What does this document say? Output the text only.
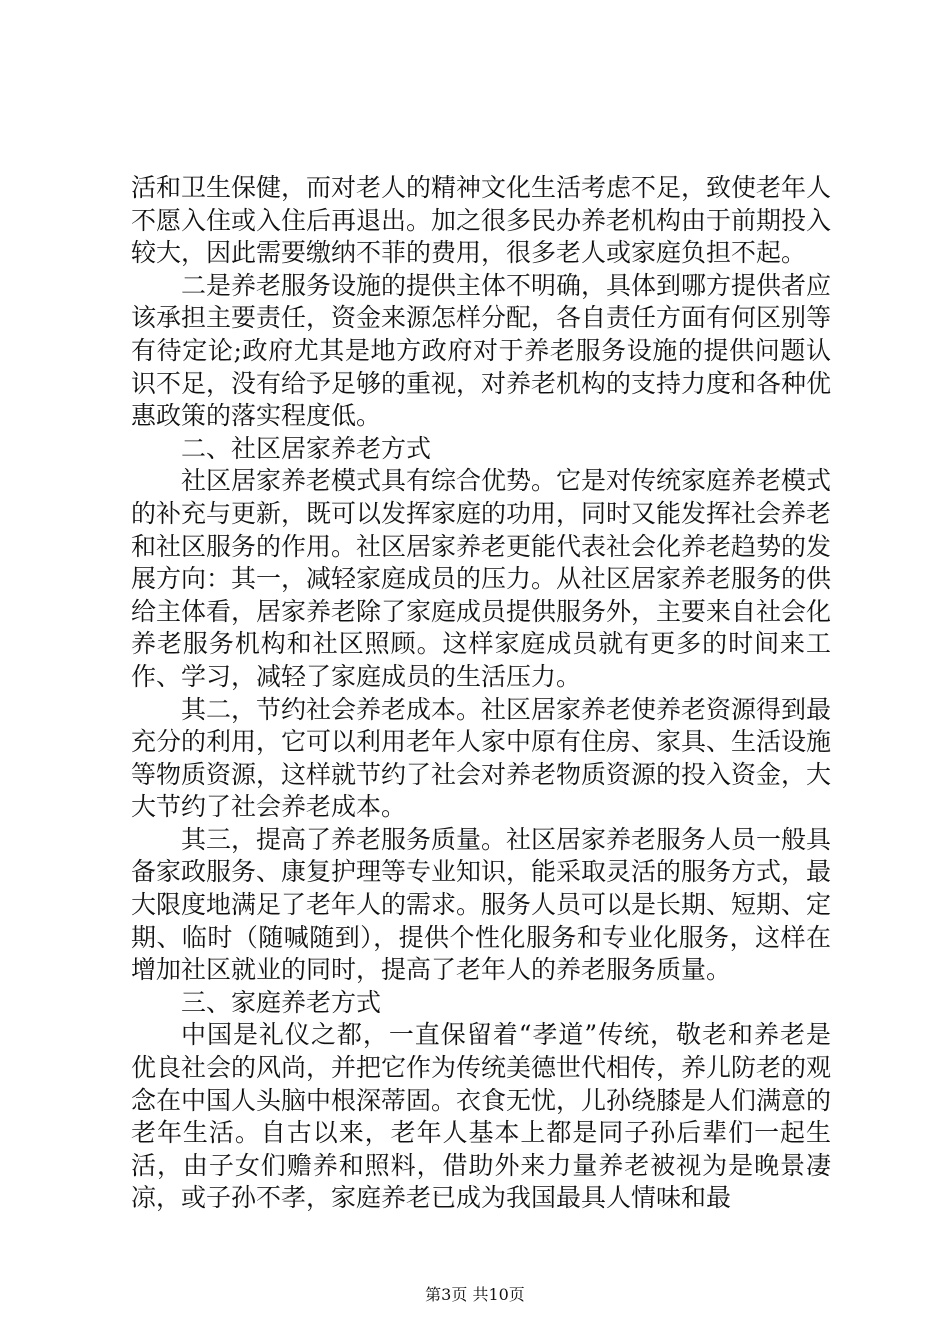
活和卫生保健，而对老人的精神文化生活考虑不足，致使老年人不愿入住或入住后再退出。加之很多民办养老机构由于前期投入较大，因此需要缴纳不菲的费用，很多老人或家庭负担不起。

二是养老服务设施的提供主体不明确，具体到哪方提供者应该承担主要责任，资金来源怎样分配，各自责任方面有何区别等有待定论;政府尤其是地方政府对于养老服务设施的提供问题认识不足，没有给予足够的重视，对养老机构的支持力度和各种优惠政策的落实程度低。

二、社区居家养老方式

社区居家养老模式具有综合优势。它是对传统家庭养老模式的补充与更新，既可以发挥家庭的功用，同时又能发挥社会养老和社区服务的作用。社区居家养老更能代表社会化养老趋势的发展方向：其一，减轻家庭成员的压力。从社区居家养老服务的供给主体看，居家养老除了家庭成员提供服务外，主要来自社会化养老服务机构和社区照顾。这样家庭成员就有更多的时间来工作、学习，减轻了家庭成员的生活压力。

其二，节约社会养老成本。社区居家养老使养老资源得到最充分的利用，它可以利用老年人家中原有住房、家具、生活设施等物质资源，这样就节约了社会对养老物质资源的投入资金，大大节约了社会养老成本。

其三，提高了养老服务质量。社区居家养老服务人员一般具备家政服务、康复护理等专业知识，能采取灵活的服务方式，最大限度地满足了老年人的需求。服务人员可以是长期、短期、定期、临时（随喊随到），提供个性化服务和专业化服务，这样在增加社区就业的同时，提高了老年人的养老服务质量。

三、家庭养老方式

中国是礼仪之都，一直保留着“孝道”传统，敬老和养老是优良社会的风尚，并把它作为传统美德世代相传，养儿防老的观念在中国人头脑中根深蒂固。衣食无忧，儿孙绕膝是人们满意的老年生活。自古以来，老年人基本上都是同子孙后辈们一起生活，由子女们赡养和照料，借助外来力量养老被视为是晚景凄凉，或子孙不孝，家庭养老已成为我国最具人情味和最

第3页 共10页
